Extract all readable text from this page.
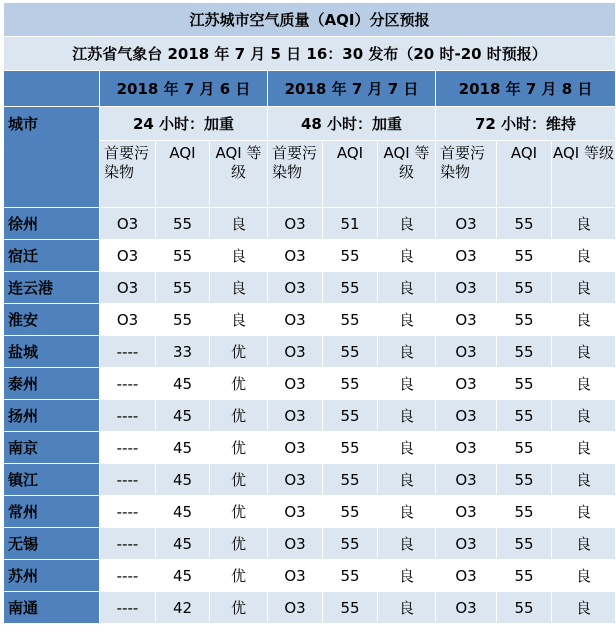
江苏城市空气质量（AQI）分区预报									
江苏省气象台 2018 年 7 月 5 日 16：30 发布（20 时-20 时预报）									
	2018 年 7 月 6 日			2018 年 7 月 7 日			2018 年 7 月 8 日		
城市	24 小时：加重			48 小时：加重			72 小时：维持		
	首要污染物	AQI	AQI 等级	首要污染物	AQI	AQI 等级	首要污染物	AQI	AQI 等级
徐州	O3	55	良	O3	51	良	O3	55	良
宿迁	O3	55	良	O3	55	良	O3	55	良
连云港	O3	55	良	O3	55	良	O3	55	良
淮安	O3	55	良	O3	55	良	O3	55	良
盐城	----	33	优	O3	55	良	O3	55	良
泰州	----	45	优	O3	55	良	O3	55	良
扬州	----	45	优	O3	55	良	O3	55	良
南京	----	45	优	O3	55	良	O3	55	良
镇江	----	45	优	O3	55	良	O3	55	良
常州	----	45	优	O3	55	良	O3	55	良
无锡	----	45	优	O3	55	良	O3	55	良
苏州	----	45	优	O3	55	良	O3	55	良
南通	----	42	优	O3	55	良	O3	55	良
